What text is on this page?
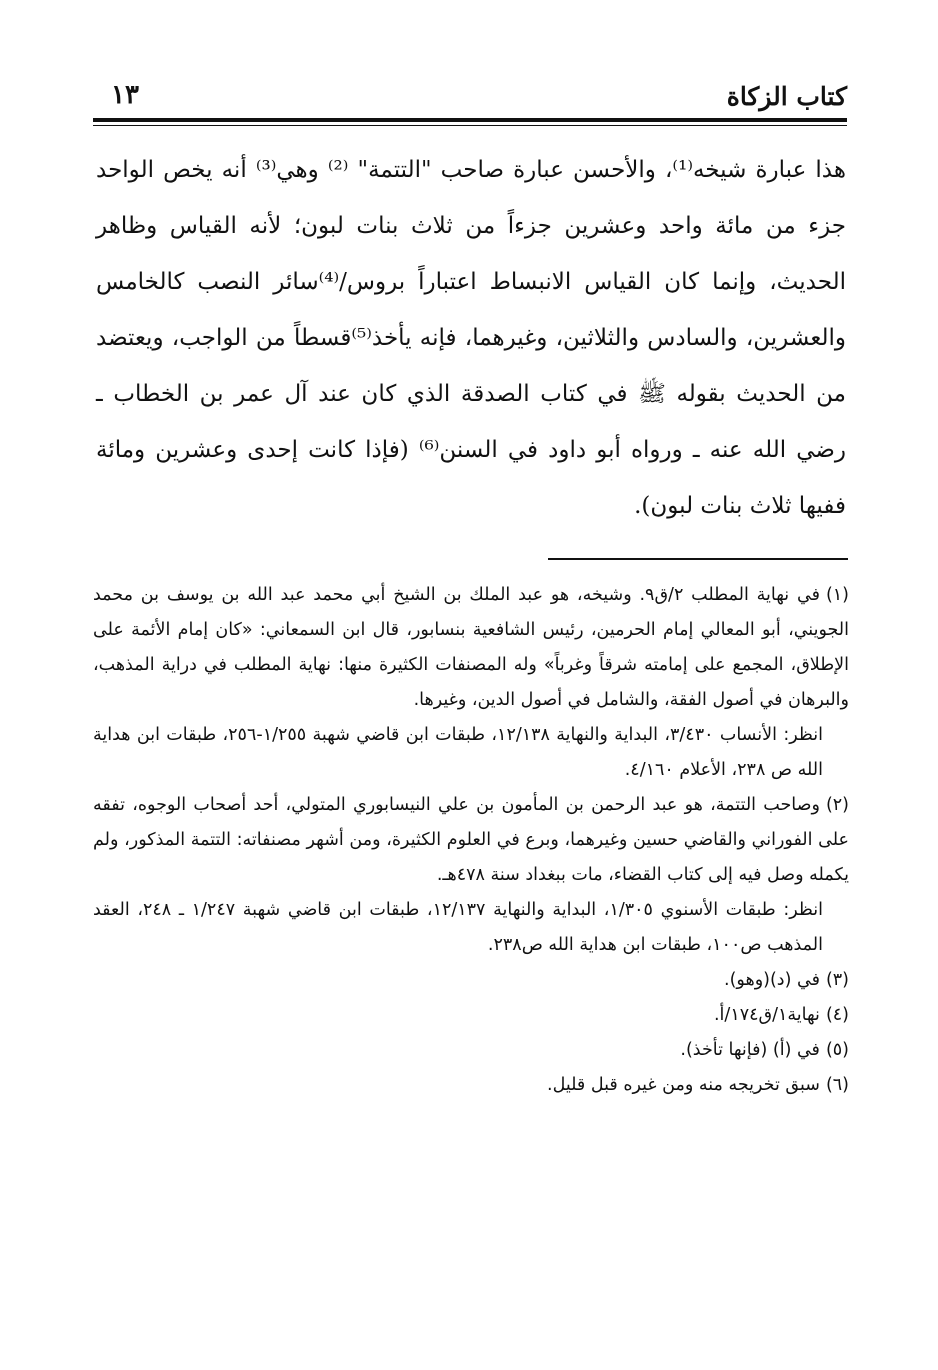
كتاب الزكاة
١٣

هذا عبارة شيخه⁽¹⁾، والأحسن عبارة صاحب "التتمة" ⁽²⁾ وهي⁽³⁾ أنه يخص الواحد جزء من مائة واحد وعشرين جزءاً من ثلاث بنات لبون؛ لأنه القياس وظاهر الحديث، وإنما كان القياس الانبساط اعتباراً بروس/⁽⁴⁾سائر النصب كالخامس والعشرين، والسادس والثلاثين، وغيرهما، فإنه يأخذ⁽⁵⁾قسطاً من الواجب، ويعتضد من الحديث بقوله ﷺ في كتاب الصدقة الذي كان عند آل عمر بن الخطاب ـ رضي الله عنه ـ ورواه أبو داود في السنن⁽⁶⁾ (فإذا كانت إحدى وعشرين ومائة ففيها ثلاث بنات لبون).

(١)في نهاية المطلب ٢/ق٩. وشيخه، هو عبد الملك بن الشيخ أبي محمد عبد الله بن يوسف بن محمد الجويني، أبو المعالي إمام الحرمين، رئيس الشافعية بنسابور، قال ابن السمعاني: «كان إمام الأئمة على الإطلاق، المجمع على إمامته شرقاً وغرباً» وله المصنفات الكثيرة منها: نهاية المطلب في دراية المذهب، والبرهان في أصول الفقة، والشامل في أصول الدين، وغيرها.
انظر: الأنساب ٣/٤٣٠، البداية والنهاية ١٢/١٣٨، طبقات ابن قاضي شهبة ١/٢٥٥-٢٥٦، طبقات ابن هداية الله ص ٢٣٨، الأعلام ٤/١٦٠.
(٢)وصاحب التتمة، هو عبد الرحمن بن المأمون بن علي النيسابوري المتولي، أحد أصحاب الوجوه، تفقه على الفوراني والقاضي حسين وغيرهما، وبرع في العلوم الكثيرة، ومن أشهر مصنفاته: التتمة المذكور، ولم يكمله وصل فيه إلى كتاب القضاء، مات ببغداد سنة ٤٧٨هـ.
انظر: طبقات الأسنوي ١/٣٠٥، البداية والنهاية ١٢/١٣٧، طبقات ابن قاضي شهبة ١/٢٤٧ ـ ٢٤٨، العقد المذهب ص١٠٠، طبقات ابن هداية الله ص٢٣٨.
(٣)في (د)(وهو).
(٤)نهاية١/ق١٧٤/أ.
(٥)في (أ) (فإنها تأخذ).
(٦)سبق تخريجه منه ومن غيره قبل قليل.
